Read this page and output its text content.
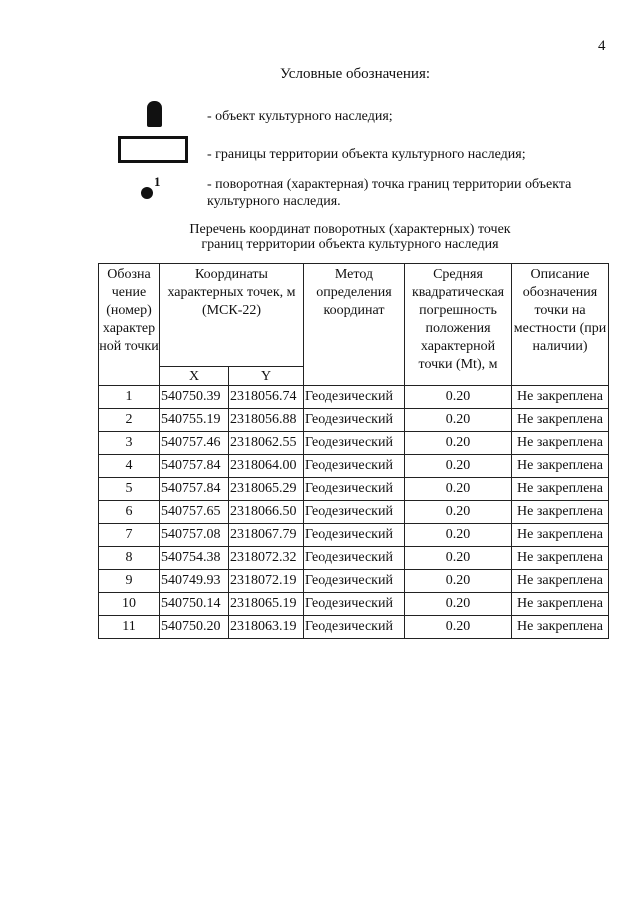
4
Условные обозначения:
- объект культурного наследия;
- границы территории объекта культурного наследия;
1	- поворотная (характерная) точка границ территории объекта культурного наследия.
Перечень координат поворотных (характерных) точек
границ территории объекта культурного наследия
Обозна чение (номер) характер ной точки	Координаты характерных точек, м (МСК-22)		Метод определения координат	Средняя квадратическая погрешность положения характерной точки (Mt), м	Описание обозначения точки на местности (при наличии)
	X	Y			
1	540750.39	2318056.74	Геодезический	0.20	Не закреплена
2	540755.19	2318056.88	Геодезический	0.20	Не закреплена
3	540757.46	2318062.55	Геодезический	0.20	Не закреплена
4	540757.84	2318064.00	Геодезический	0.20	Не закреплена
5	540757.84	2318065.29	Геодезический	0.20	Не закреплена
6	540757.65	2318066.50	Геодезический	0.20	Не закреплена
7	540757.08	2318067.79	Геодезический	0.20	Не закреплена
8	540754.38	2318072.32	Геодезический	0.20	Не закреплена
9	540749.93	2318072.19	Геодезический	0.20	Не закреплена
10	540750.14	2318065.19	Геодезический	0.20	Не закреплена
11	540750.20	2318063.19	Геодезический	0.20	Не закреплена
